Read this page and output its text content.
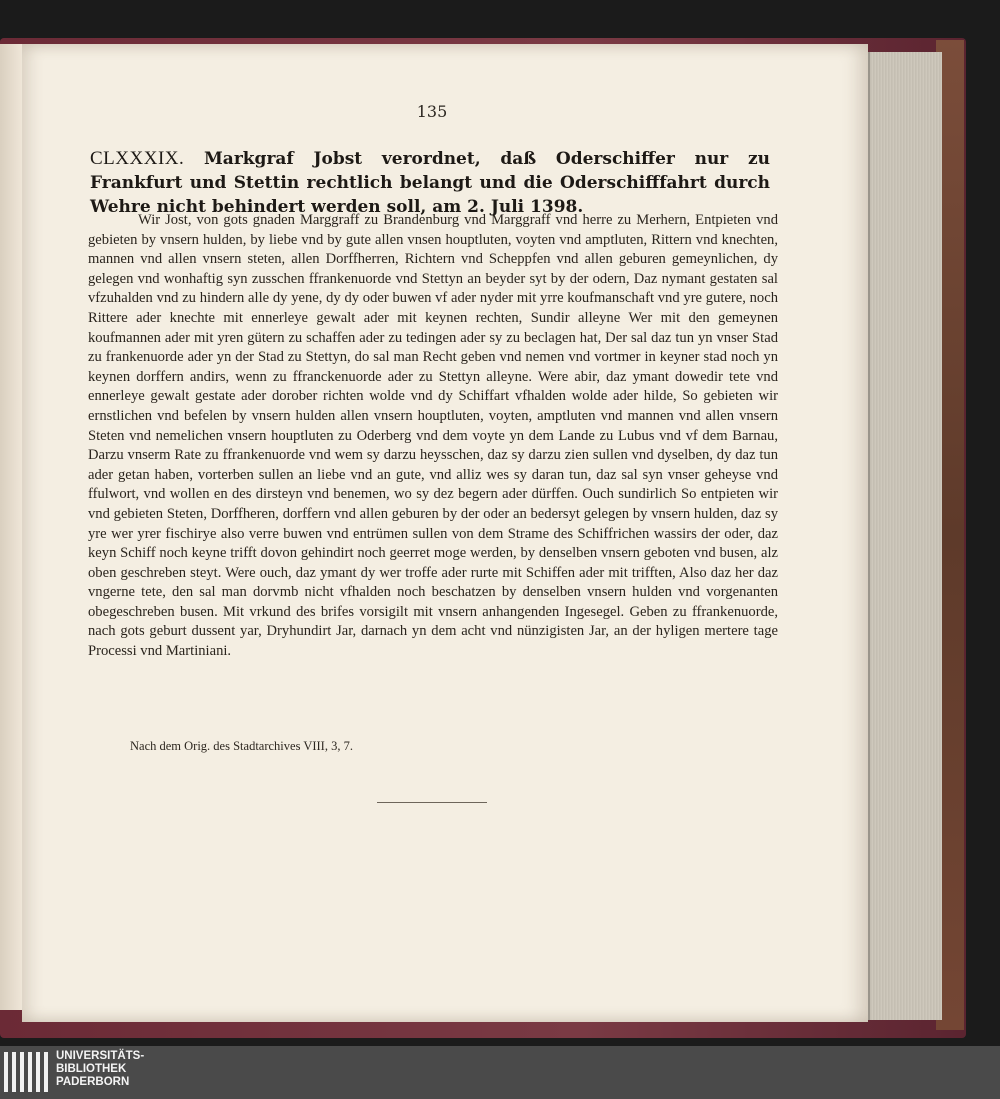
135
CLXXXIX. Markgraf Jobst verordnet, daß Oderschiffer nur zu Frankfurt und Stettin rechtlich belangt und die Oderschifffahrt durch Wehre nicht behindert werden soll, am 2. Juli 1398.

Wir Jost, von gots gnaden Marggraff zu Brandenburg vnd Marggraff vnd herre zu Merhern, Entpieten vnd gebieten by vnsern hulden, by liebe vnd by gute allen vnsen houptluten, voyten vnd amptluten, Rittern vnd knechten, mannen vnd allen vnsern steten, allen Dorffherren, Richtern vnd Scheppfen vnd allen geburen gemeynlichen, dy gelegen vnd wonhaftig syn zusschen ffrankenuorde vnd Stettyn an beyder syt by der odern, Daz nymant gestaten sal vfzuhalden vnd zu hindern alle dy yene, dy dy oder buwen vf ader nyder mit yrre koufmanschaft vnd yre gutere, noch Rittere ader knechte mit ennerleye gewalt ader mit keynen rechten, Sundir alleyne Wer mit den gemeynen koufmannen ader mit yren gütern zu schaffen ader zu tedingen ader sy zu beclagen hat, Der sal daz tun yn vnser Stad zu frankenuorde ader yn der Stad zu Stettyn, do sal man Recht geben vnd nemen vnd vortmer in keyner stad noch yn keynen dorffern andirs, wenn zu ffranckenuorde ader zu Stettyn alleyne. Were abir, daz ymant dowedir tete vnd ennerleye gewalt gestate ader dorober richten wolde vnd dy Schiffart vfhalden wolde ader hilde, So gebieten wir ernstlichen vnd befelen by vnsern hulden allen vnsern houptluten, voyten, amptluten vnd mannen vnd allen vnsern Steten vnd nemelichen vnsern houptluten zu Oderberg vnd dem voyte yn dem Lande zu Lubus vnd vf dem Barnau, Darzu vnserm Rate zu ffrankenuorde vnd wem sy darzu heysschen, daz sy darzu zien sullen vnd dyselben, dy daz tun ader getan haben, vorterben sullen an liebe vnd an gute, vnd alliz wes sy daran tun, daz sal syn vnser geheyse vnd ffulwort, vnd wollen en des dirsteyn vnd benemen, wo sy dez begern ader dürffen. Ouch sundirlich So entpieten wir vnd gebieten Steten, Dorffheren, dorffern vnd allen geburen by der oder an bedersyt gelegen by vnsern hulden, daz sy yre wer yrer fischirye also verre buwen vnd entrümen sullen von dem Strame des Schiffrichen wassirs der oder, daz keyn Schiff noch keyne trifft dovon gehindirt noch geerret moge werden, by denselben vnsern geboten vnd busen, alz oben geschreben steyt. Were ouch, daz ymant dy wer troffe ader rurte mit Schiffen ader mit trifften, Also daz her daz vngerne tete, den sal man dorvmb nicht vfhalden noch beschatzen by denselben vnsern hulden vnd vorgenanten obegeschreben busen. Mit vrkund des brifes vorsigilt mit vnsern anhangenden Ingesegel. Geben zu ffrankenuorde, nach gots geburt dussent yar, Dryhundirt Jar, darnach yn dem acht vnd nünzigisten Jar, an der hyligen mertere tage Processi vnd Martiniani.

Nach dem Orig. des Stadtarchives VIII, 3, 7.
UNIVERSITÄTS-
BIBLIOTHEK
PADERBORN
